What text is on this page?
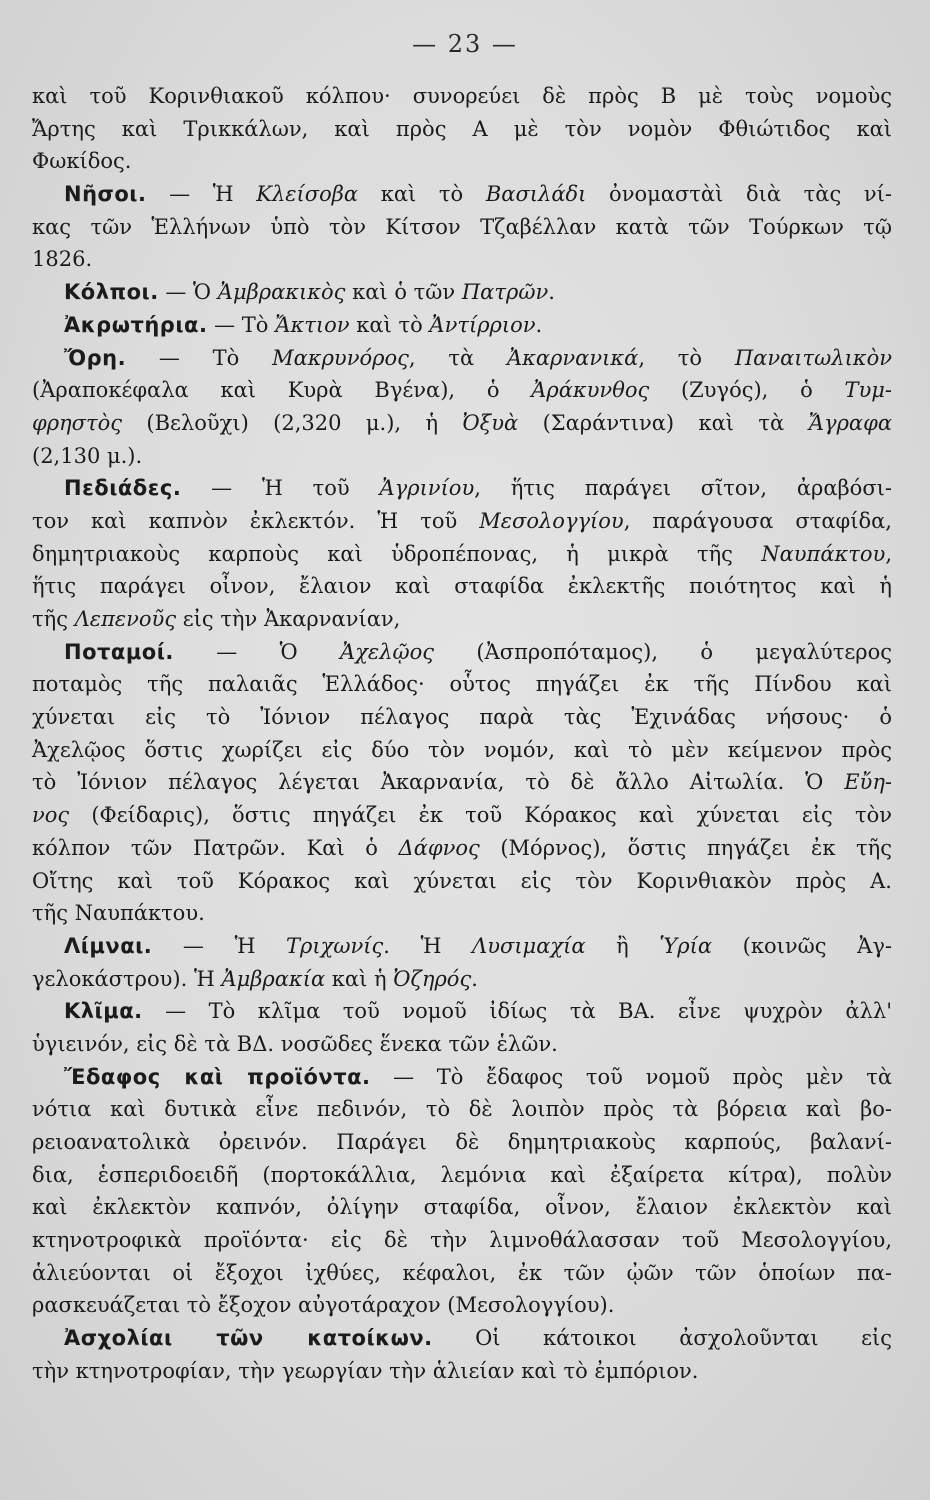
— 23 —
καὶ τοῦ Κορινθιακοῦ κόλπου· συνορεύει δὲ πρὸς Β μὲ τοὺς νομοὺς
Ἄρτης καὶ Τρικκάλων, καὶ πρὸς Α μὲ τὸν νομὸν Φθιώτιδος καὶ
Φωκίδος.
Νῆσοι. — Ἡ Κλείσοβα καὶ τὸ Βασιλάδι ὀνομαστὰὶ διὰ τὰς νί-
κας τῶν Ἑλλήνων ὑπὸ τὸν Κίτσον Τζαβέλλαν κατὰ τῶν Τούρκων τῷ
1826.
Κόλποι. — Ὁ Ἀμβρακικὸς καὶ ὁ τῶν Πατρῶν.
Ἀκρωτήρια. — Τὸ Ἄκτιον καὶ τὸ Ἀντίρριον.
Ὄρη. — Τὸ Μακρυνόρος, τὰ Ἀκαρνανικά, τὸ Παναιτωλικὸν
(Ἀραποκέφαλα καὶ Κυρὰ Βγένα), ὁ Ἀράκυνθος (Ζυγός), ὁ Τυμ-
φρηστὸς (Βελοῦχι) (2,320 μ.), ἡ Ὀξυὰ (Σαράντινα) καὶ τὰ Ἄγραφα
(2,130 μ.).
Πεδιάδες. — Ἡ τοῦ Ἀγρινίου, ἥτις παράγει σῖτον, ἀραβόσι-
τον καὶ καπνὸν ἐκλεκτόν. Ἡ τοῦ Μεσολογγίου, παράγουσα σταφίδα,
δημητριακοὺς καρποὺς καὶ ὑδροπέπονας, ἡ μικρὰ τῆς Ναυπάκτου,
ἥτις παράγει οἶνον, ἔλαιον καὶ σταφίδα ἐκλεκτῆς ποιότητος καὶ ἡ
τῆς Λεπενοῦς εἰς τὴν Ἀκαρνανίαν,
Ποταμοί. — Ὁ Ἀχελῷος (Ἀσπροπόταμος), ὁ μεγαλύτερος
ποταμὸς τῆς παλαιᾶς Ἑλλάδος· οὗτος πηγάζει ἐκ τῆς Πίνδου καὶ
χύνεται εἰς τὸ Ἰόνιον πέλαγος παρὰ τὰς Ἐχινάδας νήσους· ὁ
Ἀχελῷος ὅστις χωρίζει εἰς δύο τὸν νομόν, καὶ τὸ μὲν κείμενον πρὸς
τὸ Ἰόνιον πέλαγος λέγεται Ἀκαρνανία, τὸ δὲ ἄλλο Αἰτωλία. Ὁ Εὔη-
νος (Φείδαρις), ὅστις πηγάζει ἐκ τοῦ Κόρακος καὶ χύνεται εἰς τὸν
κόλπον τῶν Πατρῶν. Καὶ ὁ Δάφνος (Μόρνος), ὅστις πηγάζει ἐκ τῆς
Οἴτης καὶ τοῦ Κόρακος καὶ χύνεται εἰς τὸν Κορινθιακὸν πρὸς Α.
τῆς Ναυπάκτου.
Λίμναι. — Ἡ Τριχωνίς. Ἡ Λυσιμαχία ἢ Ὑρία (κοινῶς Ἀγ-
γελοκάστρου). Ἡ Ἀμβρακία καὶ ἡ Ὀζηρός.
Κλῖμα. — Τὸ κλῖμα τοῦ νομοῦ ἰδίως τὰ ΒΑ. εἶνε ψυχρὸν ἀλλ'
ὑγιεινόν, εἰς δὲ τὰ ΒΔ. νοσῶδες ἕνεκα τῶν ἑλῶν.
Ἔδαφος καὶ προϊόντα. — Τὸ ἔδαφος τοῦ νομοῦ πρὸς μὲν τὰ
νότια καὶ δυτικὰ εἶνε πεδινόν, τὸ δὲ λοιπὸν πρὸς τὰ βόρεια καὶ βο-
ρειοανατολικὰ ὀρεινόν. Παράγει δὲ δημητριακοὺς καρπούς, βαλανί-
δια, ἑσπεριδοειδῆ (πορτοκάλλια, λεμόνια καὶ ἐξαίρετα κίτρα), πολὺν
καὶ ἐκλεκτὸν καπνόν, ὀλίγην σταφίδα, οἶνον, ἔλαιον ἐκλεκτὸν καὶ
κτηνοτροφικὰ προϊόντα· εἰς δὲ τὴν λιμνοθάλασσαν τοῦ Μεσολογγίου,
ἁλιεύονται οἱ ἔξοχοι ἰχθύες, κέφαλοι, ἐκ τῶν ᾠῶν τῶν ὁποίων πα-
ρασκευάζεται τὸ ἔξοχον αὐγοτάραχον (Μεσολογγίου).
Ἀσχολίαι τῶν κατοίκων. Οἱ κάτοικοι ἀσχολοῦνται εἰς
τὴν κτηνοτροφίαν, τὴν γεωργίαν τὴν ἁλιείαν καὶ τὸ ἐμπόριον.
